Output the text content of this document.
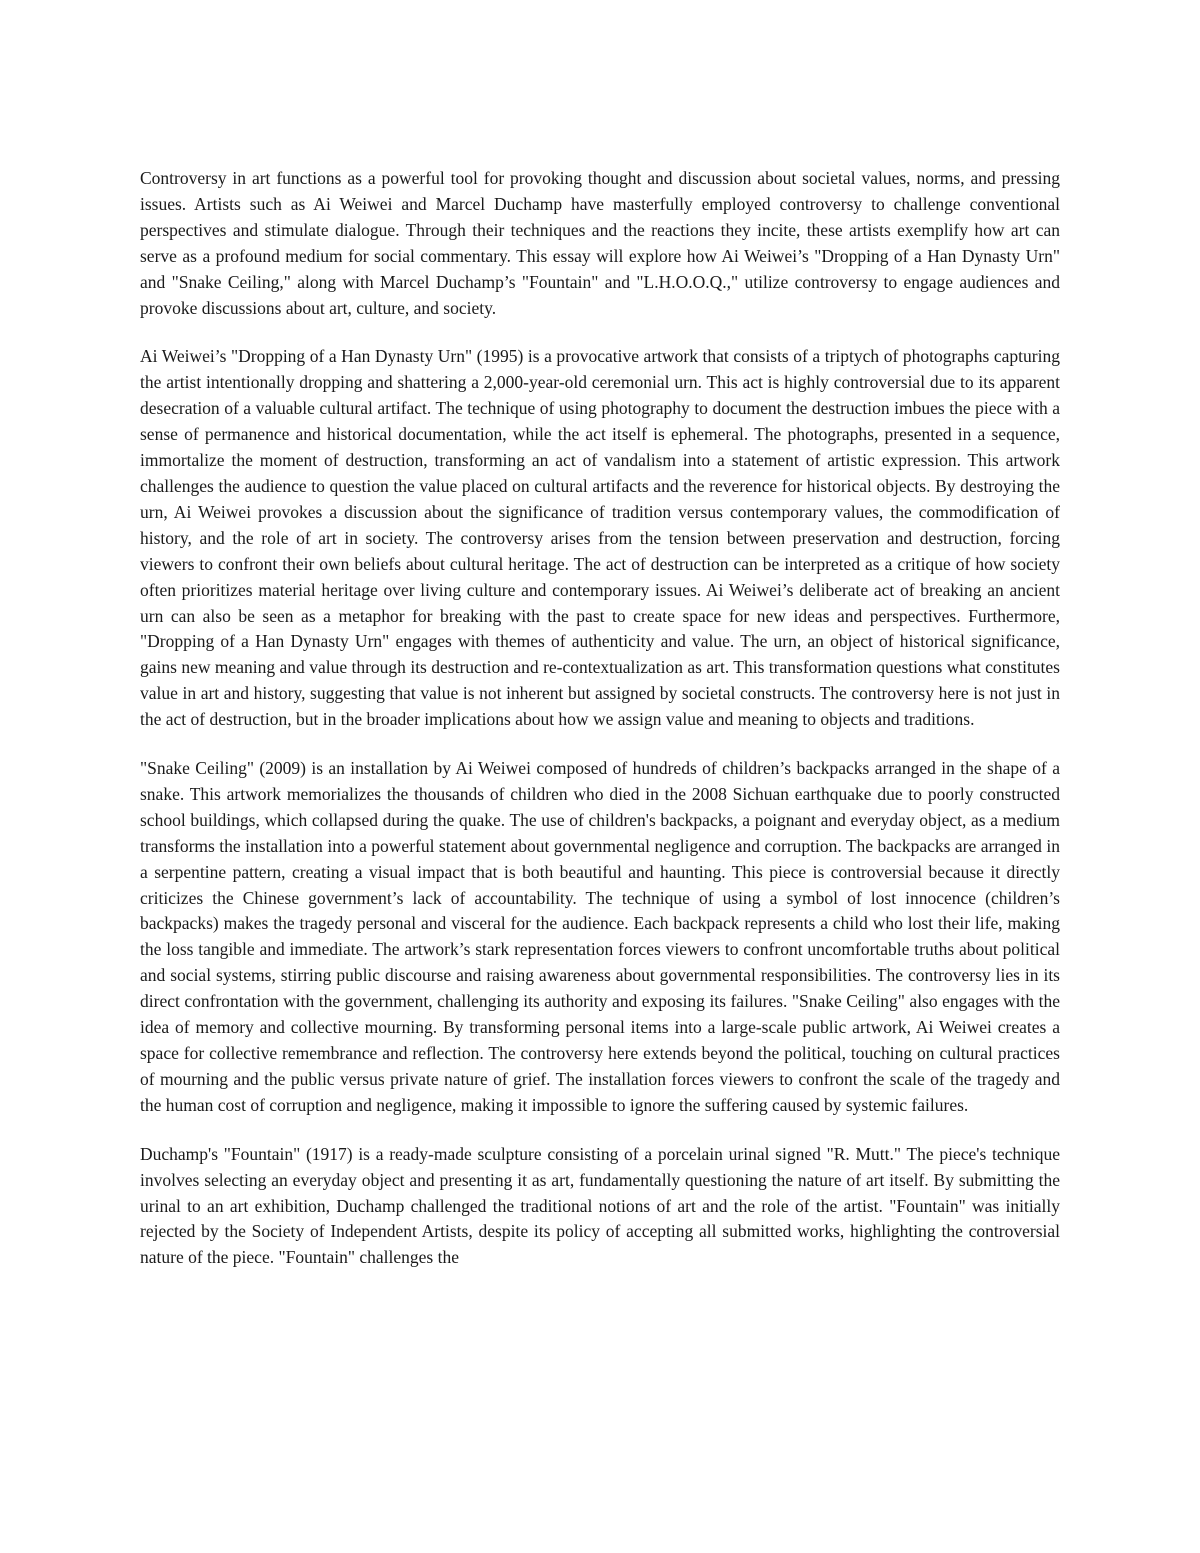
Controversy in art functions as a powerful tool for provoking thought and discussion about societal values, norms, and pressing issues. Artists such as Ai Weiwei and Marcel Duchamp have masterfully employed controversy to challenge conventional perspectives and stimulate dialogue. Through their techniques and the reactions they incite, these artists exemplify how art can serve as a profound medium for social commentary. This essay will explore how Ai Weiwei’s "Dropping of a Han Dynasty Urn" and "Snake Ceiling," along with Marcel Duchamp’s "Fountain" and "L.H.O.O.Q.," utilize controversy to engage audiences and provoke discussions about art, culture, and society.

Ai Weiwei’s "Dropping of a Han Dynasty Urn" (1995) is a provocative artwork that consists of a triptych of photographs capturing the artist intentionally dropping and shattering a 2,000-year-old ceremonial urn. This act is highly controversial due to its apparent desecration of a valuable cultural artifact. The technique of using photography to document the destruction imbues the piece with a sense of permanence and historical documentation, while the act itself is ephemeral. The photographs, presented in a sequence, immortalize the moment of destruction, transforming an act of vandalism into a statement of artistic expression. This artwork challenges the audience to question the value placed on cultural artifacts and the reverence for historical objects. By destroying the urn, Ai Weiwei provokes a discussion about the significance of tradition versus contemporary values, the commodification of history, and the role of art in society. The controversy arises from the tension between preservation and destruction, forcing viewers to confront their own beliefs about cultural heritage. The act of destruction can be interpreted as a critique of how society often prioritizes material heritage over living culture and contemporary issues. Ai Weiwei’s deliberate act of breaking an ancient urn can also be seen as a metaphor for breaking with the past to create space for new ideas and perspectives. Furthermore, "Dropping of a Han Dynasty Urn" engages with themes of authenticity and value. The urn, an object of historical significance, gains new meaning and value through its destruction and re-contextualization as art. This transformation questions what constitutes value in art and history, suggesting that value is not inherent but assigned by societal constructs. The controversy here is not just in the act of destruction, but in the broader implications about how we assign value and meaning to objects and traditions.

"Snake Ceiling" (2009) is an installation by Ai Weiwei composed of hundreds of children’s backpacks arranged in the shape of a snake. This artwork memorializes the thousands of children who died in the 2008 Sichuan earthquake due to poorly constructed school buildings, which collapsed during the quake. The use of children's backpacks, a poignant and everyday object, as a medium transforms the installation into a powerful statement about governmental negligence and corruption. The backpacks are arranged in a serpentine pattern, creating a visual impact that is both beautiful and haunting. This piece is controversial because it directly criticizes the Chinese government’s lack of accountability. The technique of using a symbol of lost innocence (children’s backpacks) makes the tragedy personal and visceral for the audience. Each backpack represents a child who lost their life, making the loss tangible and immediate. The artwork’s stark representation forces viewers to confront uncomfortable truths about political and social systems, stirring public discourse and raising awareness about governmental responsibilities. The controversy lies in its direct confrontation with the government, challenging its authority and exposing its failures. "Snake Ceiling" also engages with the idea of memory and collective mourning. By transforming personal items into a large-scale public artwork, Ai Weiwei creates a space for collective remembrance and reflection. The controversy here extends beyond the political, touching on cultural practices of mourning and the public versus private nature of grief. The installation forces viewers to confront the scale of the tragedy and the human cost of corruption and negligence, making it impossible to ignore the suffering caused by systemic failures.

Duchamp's "Fountain" (1917) is a ready-made sculpture consisting of a porcelain urinal signed "R. Mutt." The piece's technique involves selecting an everyday object and presenting it as art, fundamentally questioning the nature of art itself. By submitting the urinal to an art exhibition, Duchamp challenged the traditional notions of art and the role of the artist. "Fountain" was initially rejected by the Society of Independent Artists, despite its policy of accepting all submitted works, highlighting the controversial nature of the piece. "Fountain" challenges the
